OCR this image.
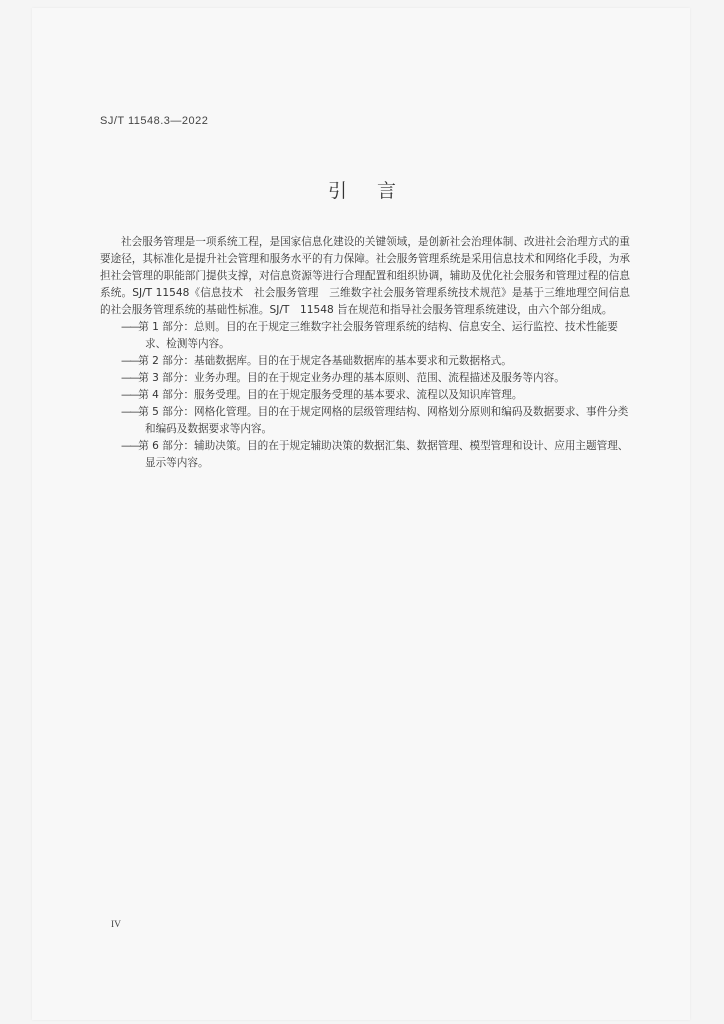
SJ/T 11548.3—2022
引 言

社会服务管理是一项系统工程，是国家信息化建设的关键领域，是创新社会治理体制、改进社会治理方式的重要途径，其标准化是提升社会管理和服务水平的有力保障。社会服务管理系统是采用信息技术和网络化手段，为承担社会管理的职能部门提供支撑，对信息资源等进行合理配置和组织协调，辅助及优化社会服务和管理过程的信息系统。SJ/T 11548《信息技术　社会服务管理　三维数字社会服务管理系统技术规范》是基于三维地理空间信息的社会服务管理系统的基础性标准。SJ/T　11548 旨在规范和指导社会服务管理系统建设，由六个部分组成。

——第 1 部分：总则。目的在于规定三维数字社会服务管理系统的结构、信息安全、运行监控、技术性能要求、检测等内容。
——第 2 部分：基础数据库。目的在于规定各基础数据库的基本要求和元数据格式。
——第 3 部分：业务办理。目的在于规定业务办理的基本原则、范围、流程描述及服务等内容。
——第 4 部分：服务受理。目的在于规定服务受理的基本要求、流程以及知识库管理。
——第 5 部分：网格化管理。目的在于规定网格的层级管理结构、网格划分原则和编码及数据要求、事件分类和编码及数据要求等内容。
——第 6 部分：辅助决策。目的在于规定辅助决策的数据汇集、数据管理、模型管理和设计、应用主题管理、显示等内容。
IV
